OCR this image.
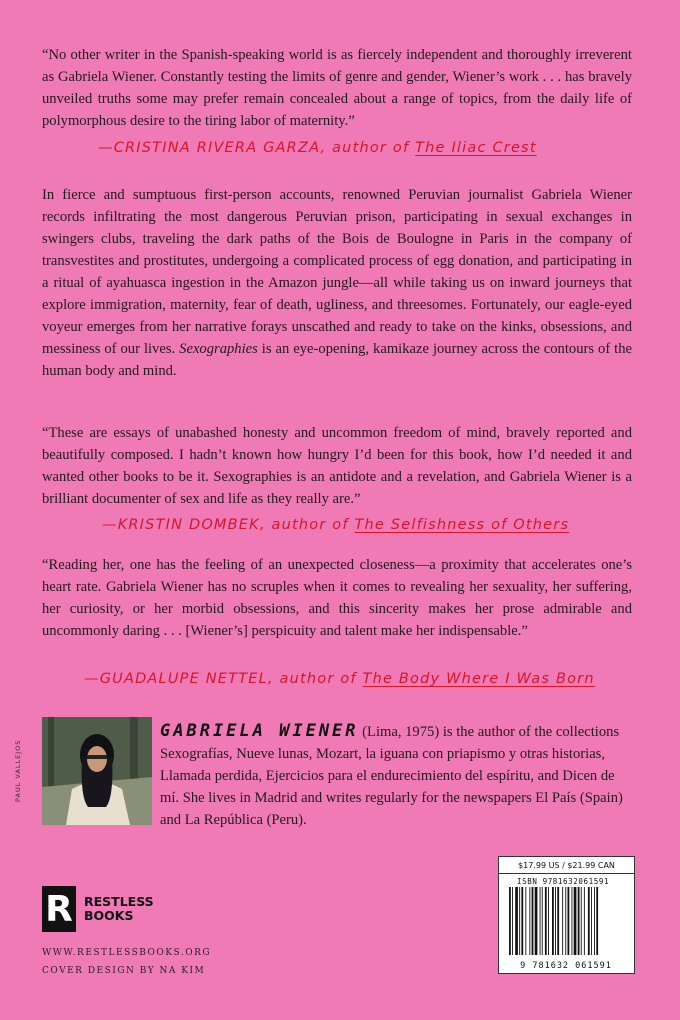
“No other writer in the Spanish-speaking world is as fiercely independent and thoroughly irreverent as Gabriela Wiener. Constantly testing the limits of genre and gender, Wiener’s work . . . has bravely unveiled truths some may prefer remain concealed about a range of topics, from the daily life of polymorphous desire to the tiring labor of maternity.”

—CRISTINA RIVERA GARZA, author of The Iliac Crest

In fierce and sumptuous first-person accounts, renowned Peruvian journalist Gabriela Wiener records infiltrating the most dangerous Peruvian prison, participating in sexual exchanges in swingers clubs, traveling the dark paths of the Bois de Boulogne in Paris in the company of transvestites and prostitutes, undergoing a complicated process of egg donation, and participating in a ritual of ayahuasca ingestion in the Amazon jungle—all while taking us on inward journeys that explore immigration, maternity, fear of death, ugliness, and threesomes. Fortunately, our eagle-eyed voyeur emerges from her narrative forays unscathed and ready to take on the kinks, obsessions, and messiness of our lives. Sexographies is an eye-opening, kamikaze journey across the contours of the human body and mind.

“These are essays of unabashed honesty and uncommon freedom of mind, bravely reported and beautifully composed. I hadn’t known how hungry I’d been for this book, how I’d needed it and wanted other books to be it. Sexographies is an antidote and a revelation, and Gabriela Wiener is a brilliant documenter of sex and life as they really are.”

—KRISTIN DOMBEK, author of The Selfishness of Others

“Reading her, one has the feeling of an unexpected closeness—a proximity that accelerates one’s heart rate. Gabriela Wiener has no scruples when it comes to revealing her sexuality, her suffering, her curiosity, or her morbid obsessions, and this sincerity makes her prose admirable and uncommonly daring . . . [Wiener’s] perspicuity and talent make her indispensable.”

—GUADALUPE NETTEL, author of The Body Where I Was Born
PAUL VALLEJOS

GABRIELA WIENER (Lima, 1975) is the author of the collections Sexografías, Nueve lunas, Mozart, la iguana con priapismo y otras historias, Llamada perdida, Ejercicios para el endurecimiento del espíritu, and Dicen de mí. She lives in Madrid and writes regularly for the newspapers El País (Spain) and La República (Peru).

R RESTLESS
BOOKS
WWW.RESTLESSBOOKS.ORG
COVER DESIGN BY NA KIM
$17.99 US / $21.99 CAN
ISBN 9781632061591
9 781632 061591
